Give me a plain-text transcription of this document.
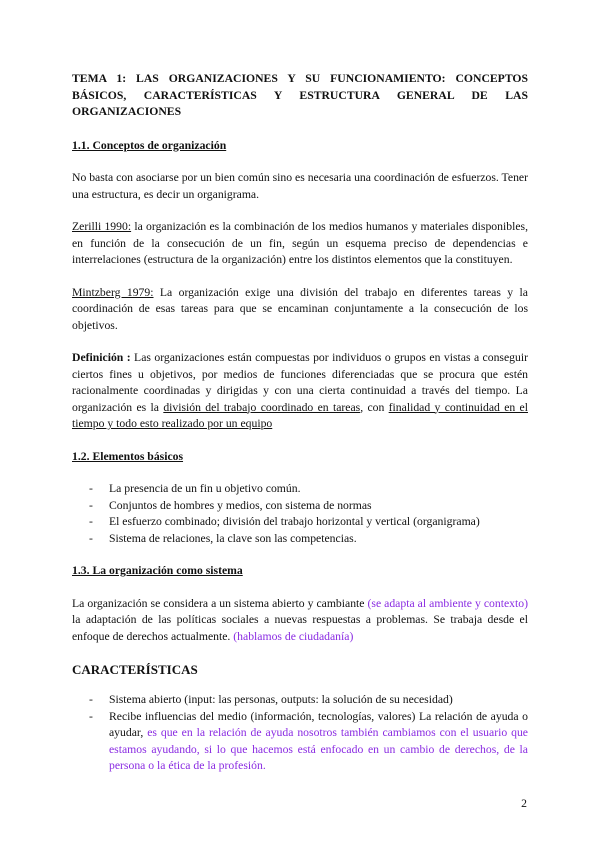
TEMA 1: LAS ORGANIZACIONES Y SU FUNCIONAMIENTO: CONCEPTOS BÁSICOS, CARACTERÍSTICAS Y ESTRUCTURA GENERAL DE LAS ORGANIZACIONES
1.1. Conceptos de organización

No basta con asociarse por un bien común sino es necesaria una coordinación de esfuerzos. Tener una estructura, es decir un organigrama.

Zerilli 1990: la organización es la combinación de los medios humanos y materiales disponibles, en función de la consecución de un fin, según un esquema preciso de dependencias e interrelaciones (estructura de la organización) entre los distintos elementos que la constituyen.

Mintzberg 1979: La organización exige una división del trabajo en diferentes tareas y la coordinación de esas tareas para que se encaminan conjuntamente a la consecución de los objetivos.

Definición : Las organizaciones están compuestas por individuos o grupos en vistas a conseguir ciertos fines u objetivos, por medios de funciones diferenciadas que se procura que estén racionalmente coordinadas y dirigidas y con una cierta continuidad a través del tiempo. La organización es la división del trabajo coordinado en tareas, con finalidad y continuidad en el tiempo y todo esto realizado por un equipo

1.2. Elementos básicos
- La presencia de un fin u objetivo común.
- Conjuntos de hombres y medios, con sistema de normas
- El esfuerzo combinado; división del trabajo horizontal y vertical (organigrama)
- Sistema de relaciones, la clave son las competencias.
1.3. La organización como sistema

La organización se considera a un sistema abierto y cambiante (se adapta al ambiente y contexto) la adaptación de las políticas sociales a nuevas respuestas a problemas. Se trabaja desde el enfoque de derechos actualmente. (hablamos de ciudadanía)

CARACTERÍSTICAS
- Sistema abierto (input: las personas, outputs: la solución de su necesidad)
- Recibe influencias del medio (información, tecnologías, valores) La relación de ayuda o ayudar, es que en la relación de ayuda nosotros también cambiamos con el usuario que estamos ayudando, si lo que hacemos está enfocado en un cambio de derechos, de la persona o la ética de la profesión.
2
